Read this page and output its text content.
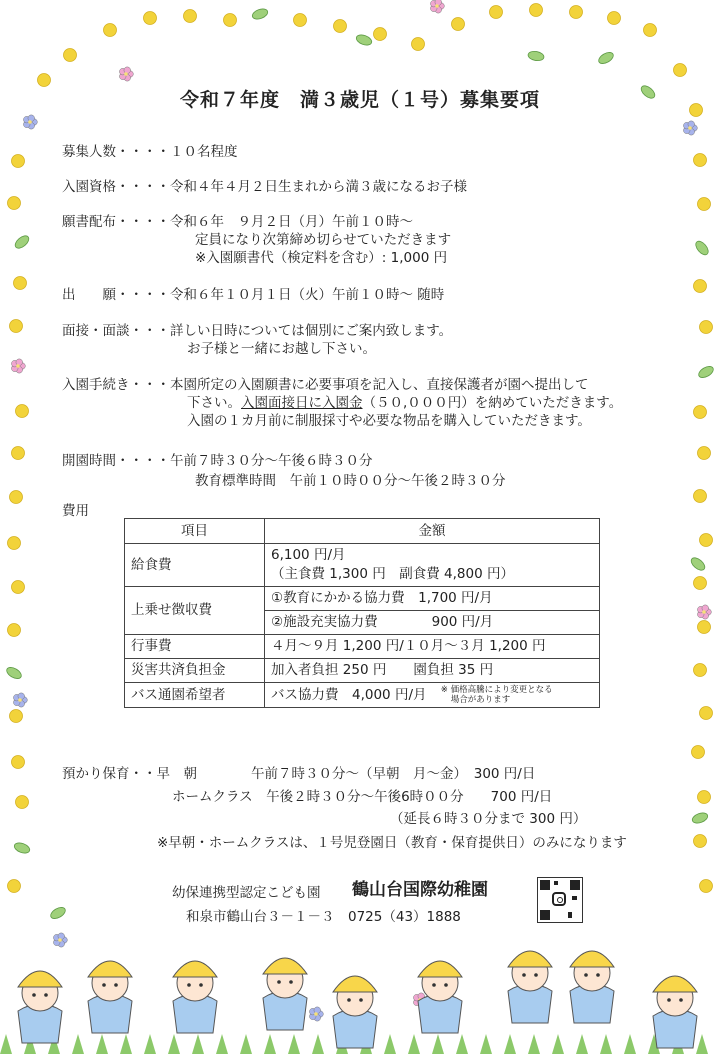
令和７年度　満３歳児（１号）募集要項
募集人数・・・・１０名程度
入園資格・・・・令和４年４月２日生まれから満３歳になるお子様
願書配布・・・・令和６年　９月２日（月）午前１０時～
定員になり次第締め切らせていただきます
※入園願書代（検定料を含む）: 1,000 円
出　　願・・・・令和６年１０月１日（火）午前１０時～ 随時
面接・面談・・・詳しい日時については個別にご案内致します。
お子様と一緒にお越し下さい。
入園手続き・・・本園所定の入園願書に必要事項を記入し、直接保護者が園へ提出して
下さい。入園面接日に入園金（５０,０００円）を納めていただきます。
入園の１カ月前に制服採寸や必要な物品を購入していただきます。
開園時間・・・・午前７時３０分～午後６時３０分
教育標準時間　午前１０時００分～午後２時３０分
費用
項目	金額
給食費	6,100 円/月
（主食費 1,300 円　副食費 4,800 円）

上乗せ徴収費	①教育にかかる協力費　1,700 円/月
	②施設充実協力費　　　　900 円/月
行事費	４月～９月 1,200 円/１０月～３月 1,200 円
災害共済負担金	加入者負担 250 円　　園負担 35 円
バス通園希望者	バス協力費　4,000 円/月 ※ 価格高騰により変更となる
場合があります
預かり保育・・早　朝　　　　午前７時３０分～（早朝　月～金）　300 円/日
ホームクラス　午後２時３０分～午後6時００分　　700 円/日
（延長６時３０分まで 300 円）
※早朝・ホームクラスは、１号児登園日（教育・保育提供日）のみになります
幼保連携型認定こども園 鶴山台国際幼稚園
和泉市鶴山台３－１－３　0725（43）1888
